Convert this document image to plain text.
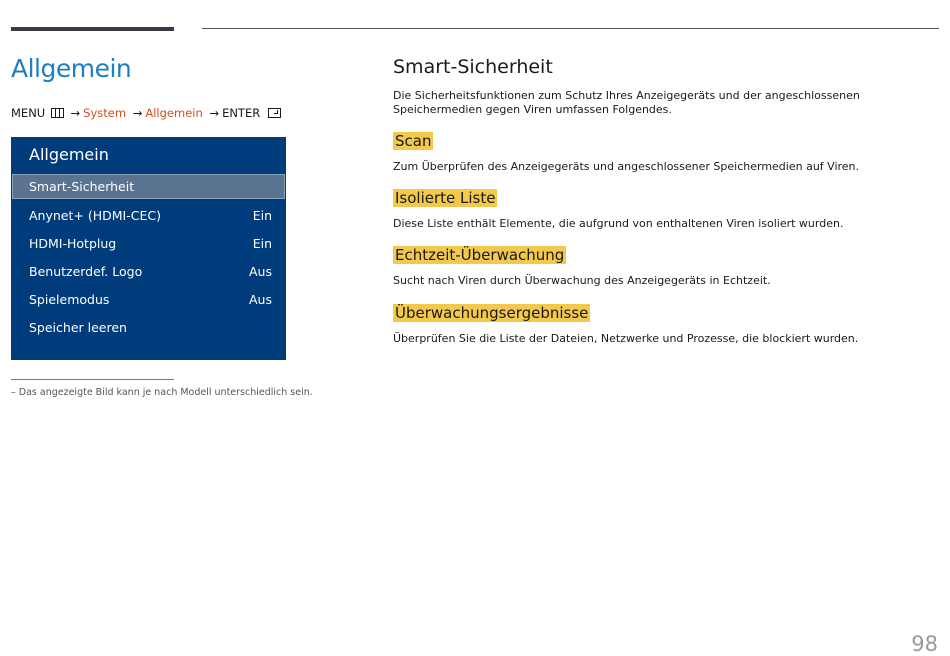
Allgemein
MENU → System → Allgemein → ENTER
Allgemein
Smart-Sicherheit
Anynet+ (HDMI-CEC)	Ein
HDMI-Hotplug	Ein
Benutzerdef. Logo	Aus
Spielemodus	Aus
Speicher leeren
– Das angezeigte Bild kann je nach Modell unterschiedlich sein.
Smart-Sicherheit

Die Sicherheitsfunktionen zum Schutz Ihres Anzeigegeräts und der angeschlossenen Speichermedien gegen Viren umfassen Folgendes.

Scan

Zum Überprüfen des Anzeigegeräts und angeschlossener Speichermedien auf Viren.

Isolierte Liste

Diese Liste enthält Elemente, die aufgrund von enthaltenen Viren isoliert wurden.

Echtzeit-Überwachung

Sucht nach Viren durch Überwachung des Anzeigegeräts in Echtzeit.

Überwachungsergebnisse

Überprüfen Sie die Liste der Dateien, Netzwerke und Prozesse, die blockiert wurden.

98
